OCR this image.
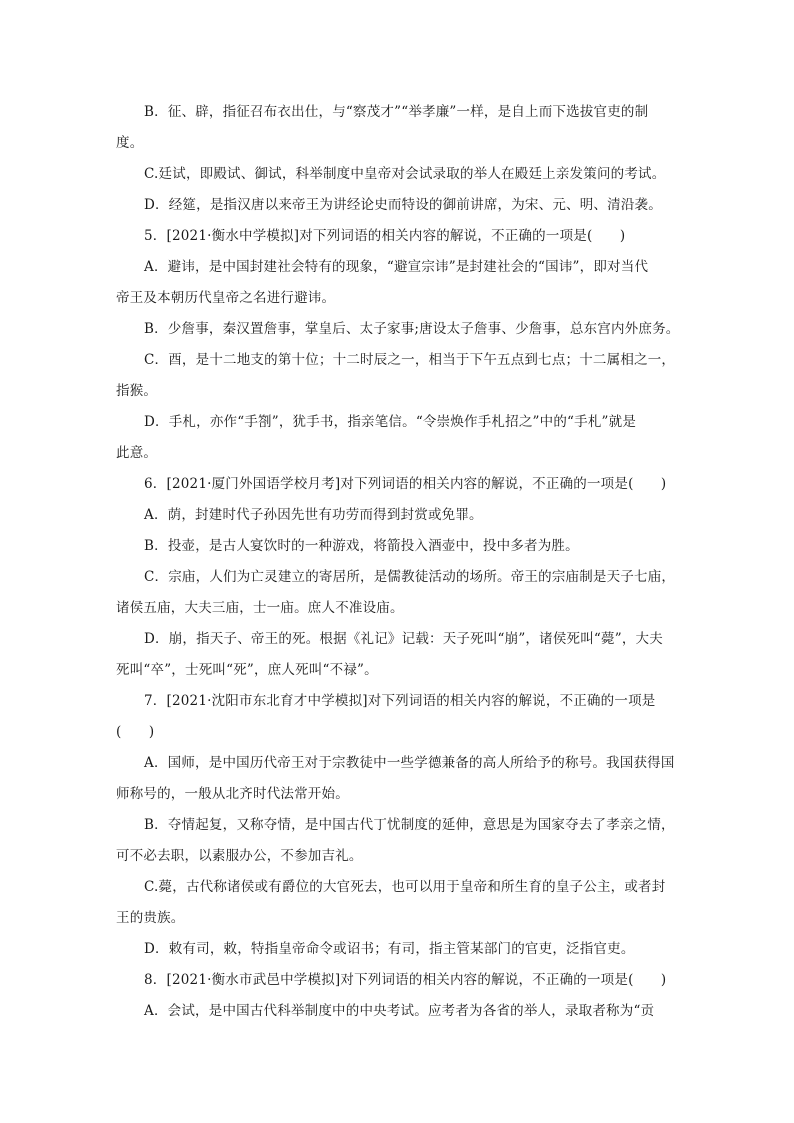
B．征、辟，指征召布衣出仕，与“察茂才”“举孝廉”一样，是自上而下选拔官吏的制
度。
C.廷试，即殿试、御试，科举制度中皇帝对会试录取的举人在殿廷上亲发策问的考试。
D．经筵，是指汉唐以来帝王为讲经论史而特设的御前讲席，为宋、元、明、清沿袭。
5．[2021·衡水中学模拟]对下列词语的相关内容的解说，不正确的一项是(　　)
A．避讳，是中国封建社会特有的现象，“避宣宗讳”是封建社会的“国讳”，即对当代
帝王及本朝历代皇帝之名进行避讳。
B．少詹事，秦汉置詹事，掌皇后、太子家事;唐设太子詹事、少詹事，总东宫内外庶务。
C．酉，是十二地支的第十位；十二时辰之一，相当于下午五点到七点；十二属相之一，
指猴。
D．手札，亦作“手劄”，犹手书，指亲笔信。“令崇焕作手札招之”中的“手札”就是
此意。
6．[2021·厦门外国语学校月考]对下列词语的相关内容的解说，不正确的一项是(　　)
A．荫，封建时代子孙因先世有功劳而得到封赏或免罪。
B．投壶，是古人宴饮时的一种游戏，将箭投入酒壶中，投中多者为胜。
C．宗庙，人们为亡灵建立的寄居所，是儒教徒活动的场所。帝王的宗庙制是天子七庙，
诸侯五庙，大夫三庙，士一庙。庶人不准设庙。
D．崩，指天子、帝王的死。根据《礼记》记载：天子死叫“崩”，诸侯死叫“薨”，大夫
死叫“卒”，士死叫“死”，庶人死叫“不禄”。
7．[2021·沈阳市东北育才中学模拟]对下列词语的相关内容的解说，不正确的一项是
(　　)
A．国师，是中国历代帝王对于宗教徒中一些学德兼备的高人所给予的称号。我国获得国
师称号的，一般从北齐时代法常开始。
B．夺情起复，又称夺情，是中国古代丁忧制度的延伸，意思是为国家夺去了孝亲之情，
可不必去职，以素服办公，不参加吉礼。
C.薨，古代称诸侯或有爵位的大官死去，也可以用于皇帝和所生育的皇子公主，或者封
王的贵族。
D．敕有司，敕，特指皇帝命令或诏书；有司，指主管某部门的官吏，泛指官吏。
8．[2021·衡水市武邑中学模拟]对下列词语的相关内容的解说，不正确的一项是(　　)
A．会试，是中国古代科举制度中的中央考试。应考者为各省的举人，录取者称为“贡
